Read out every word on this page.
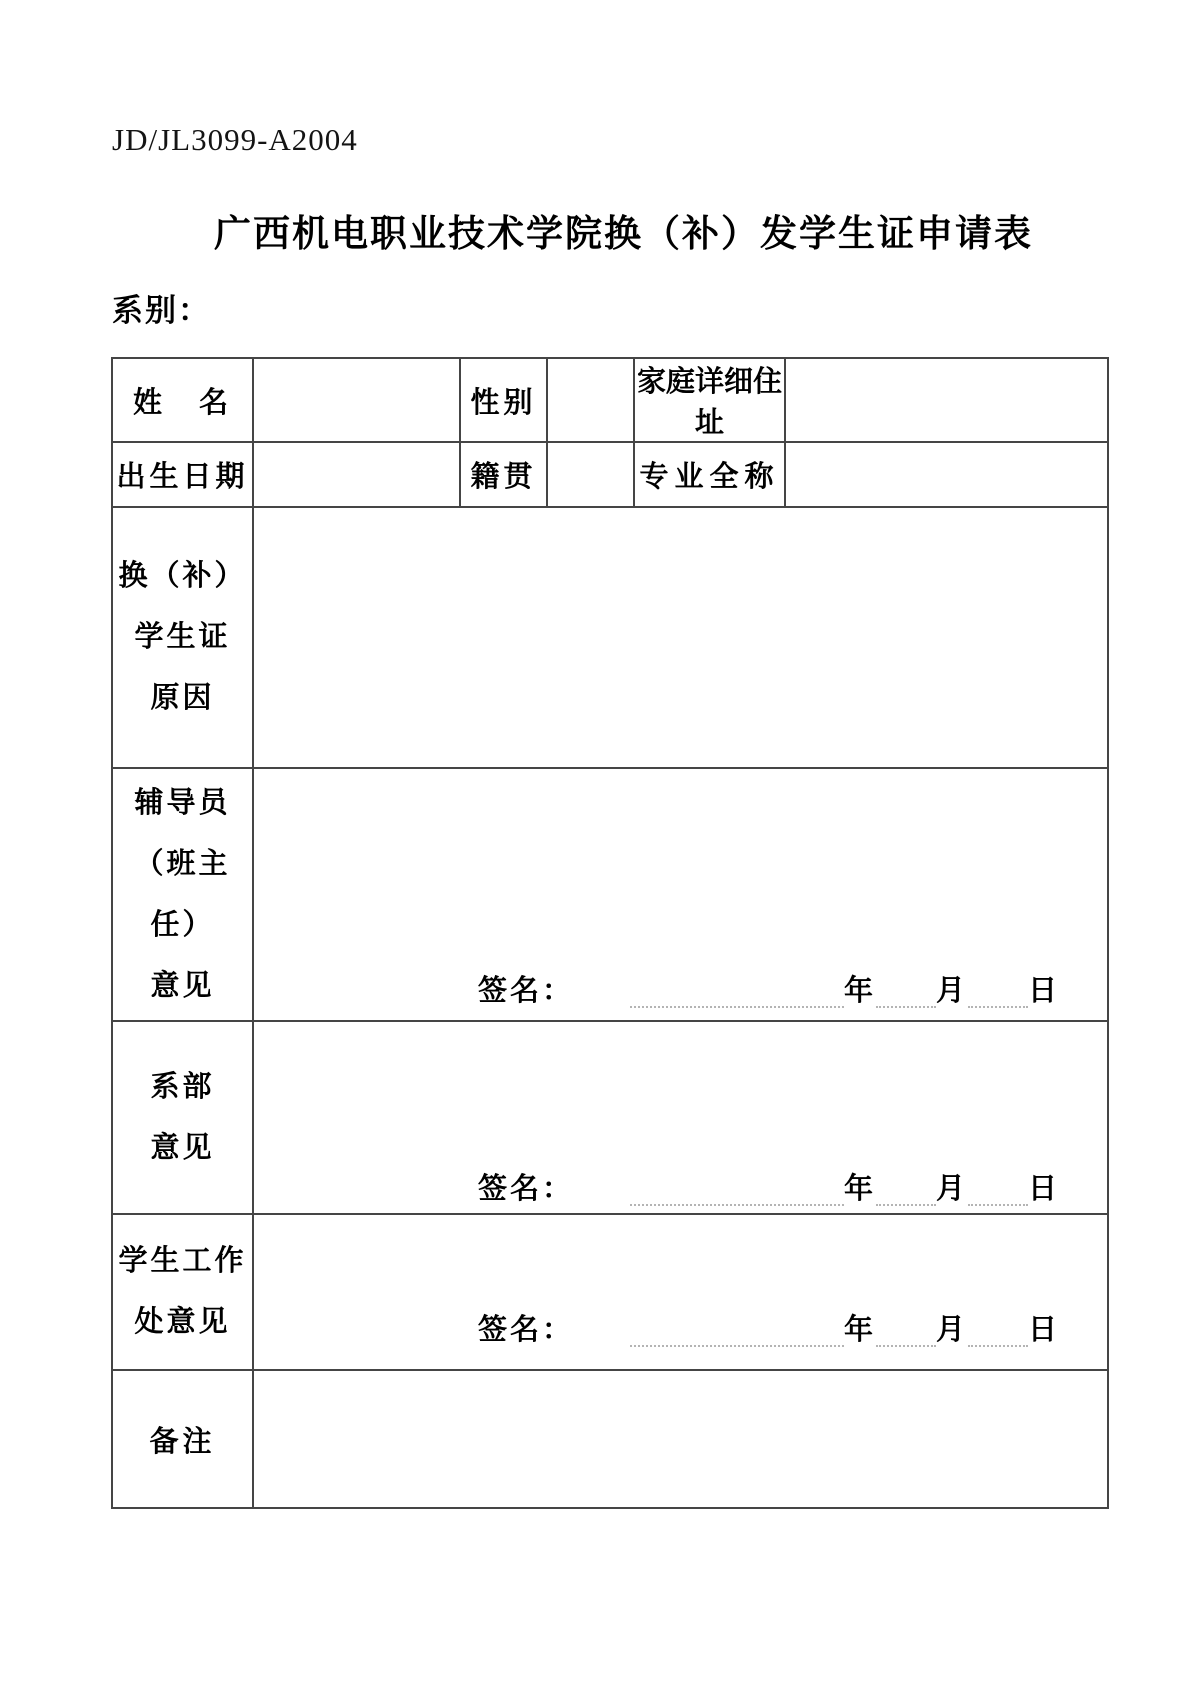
JD/JL3099-A2004
广西机电职业技术学院换（补）发学生证申请表
系别：
姓　名		性别		家庭详细住址	
出生日期		籍贯		专业全称	

换（补）
学生证
原因					

辅导员
（班主
任）
意见	签名： 年 月 日				

系部
意见	签名： 年 月 日				

学生工作
处意见	签名： 年 月 日				

备注					
